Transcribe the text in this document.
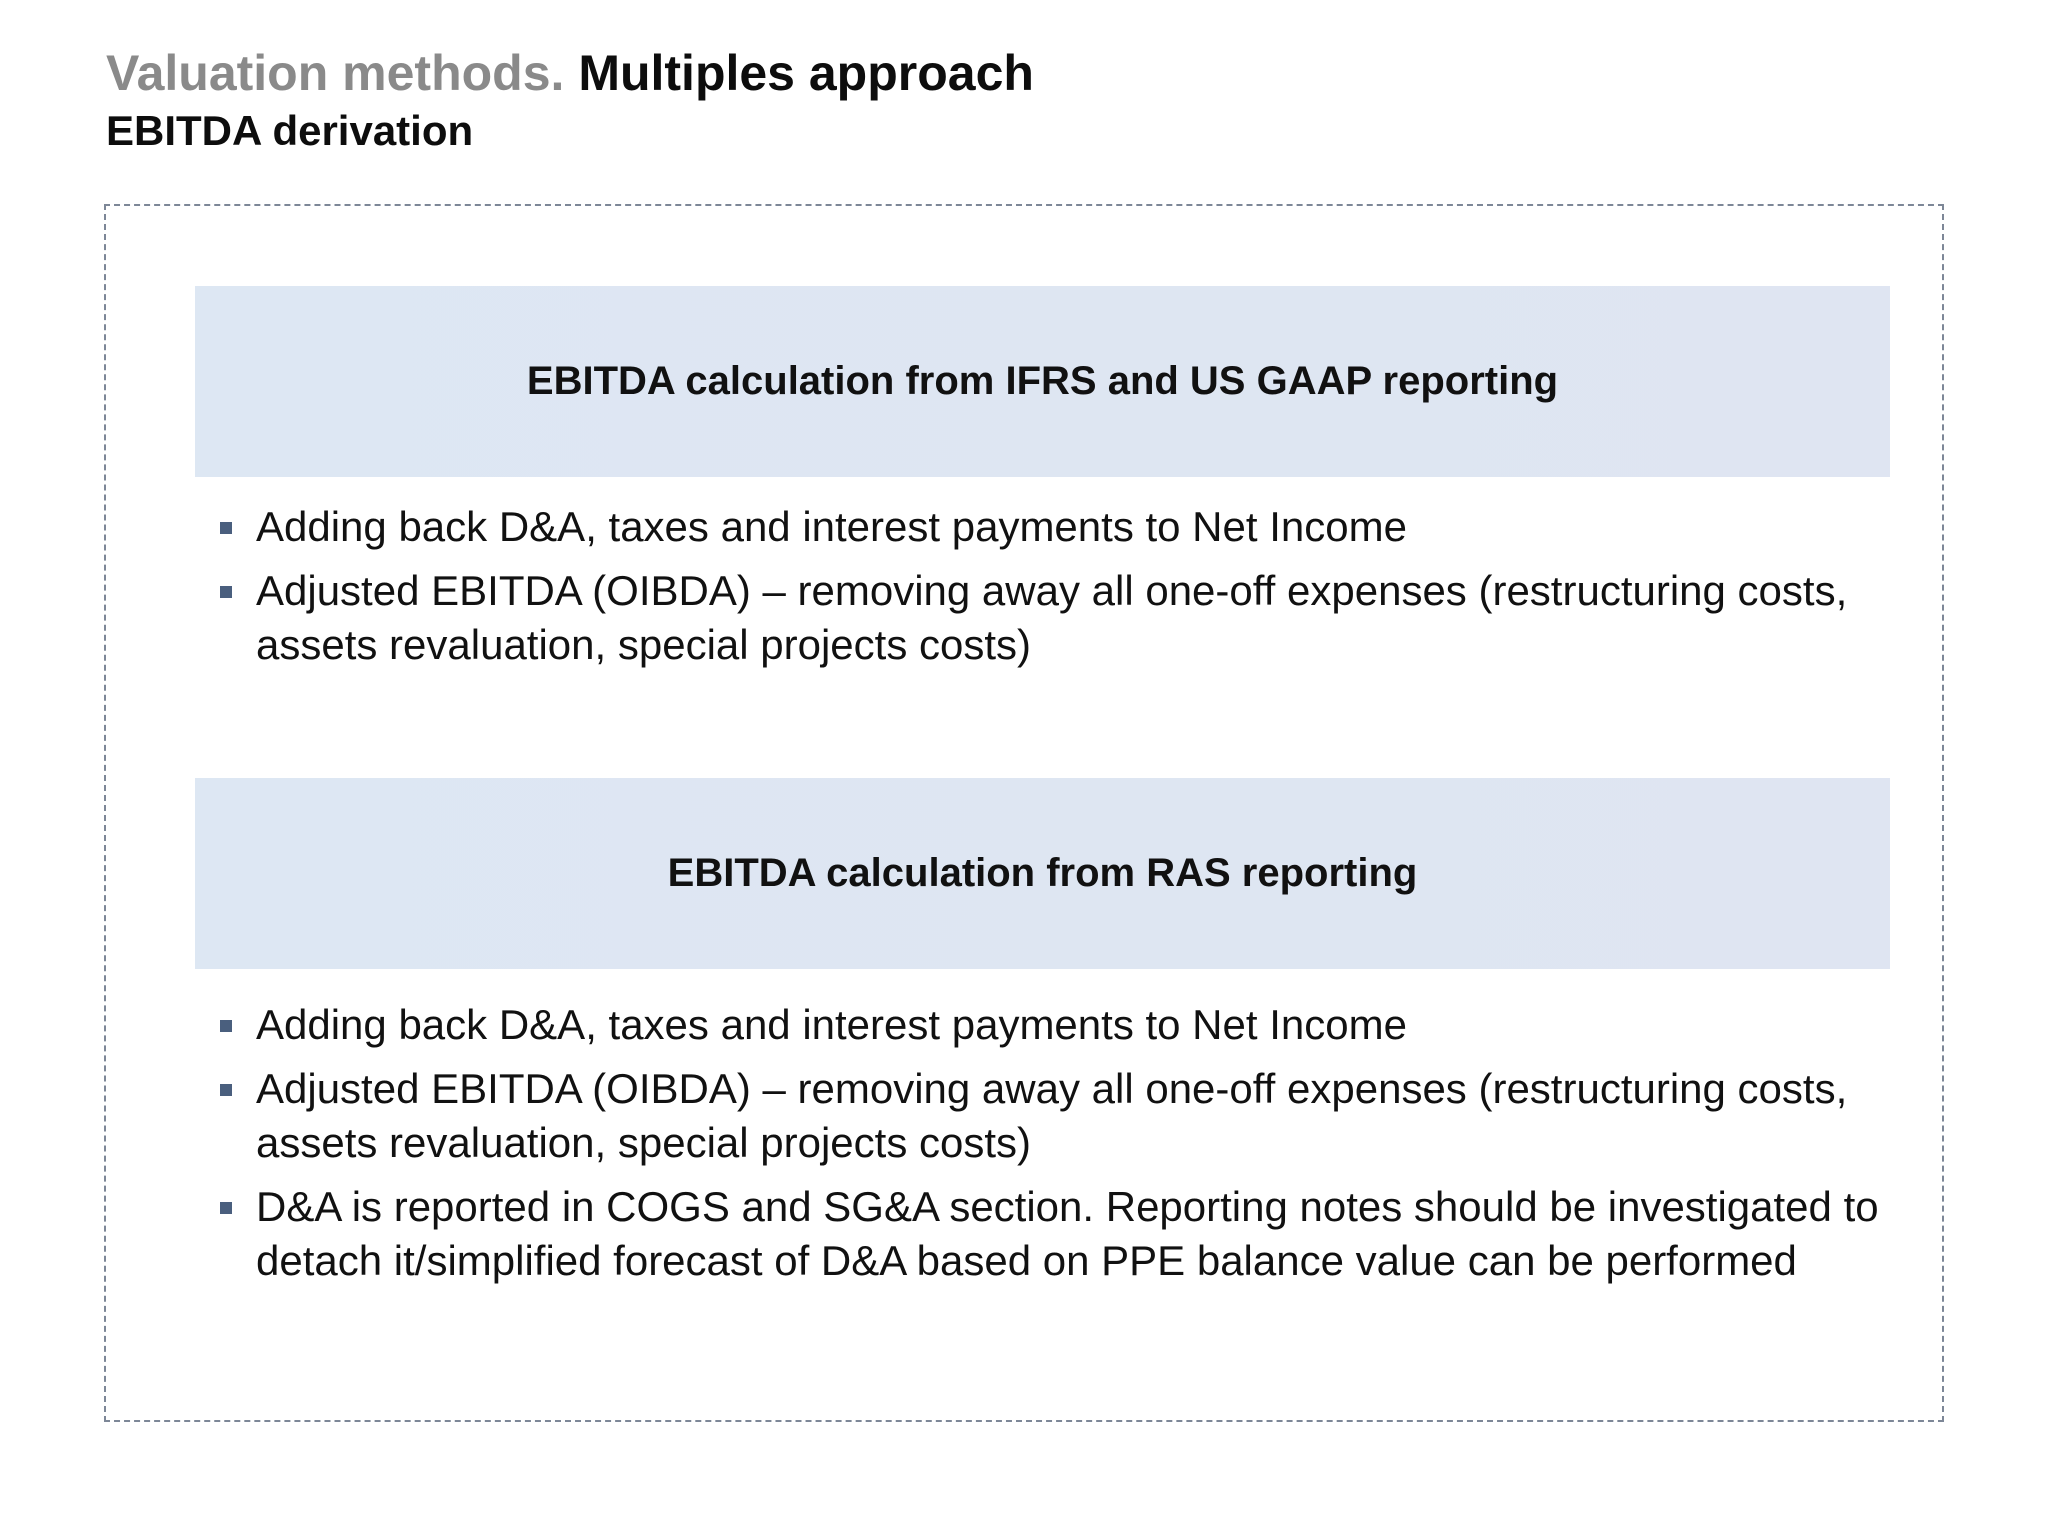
Valuation methods. Multiples approach
EBITDA derivation
EBITDA calculation from IFRS and US GAAP reporting
Adding back D&A, taxes and interest payments to Net Income
Adjusted EBITDA (OIBDA) – removing away all one-off expenses (restructuring costs, assets revaluation, special projects costs)
EBITDA calculation from RAS reporting
Adding back D&A, taxes and interest payments to Net Income
Adjusted EBITDA (OIBDA) – removing away all one-off expenses (restructuring costs, assets revaluation, special projects costs)
D&A is reported in COGS and SG&A section. Reporting notes should be investigated to detach it/simplified forecast of D&A based on PPE balance value can be performed
